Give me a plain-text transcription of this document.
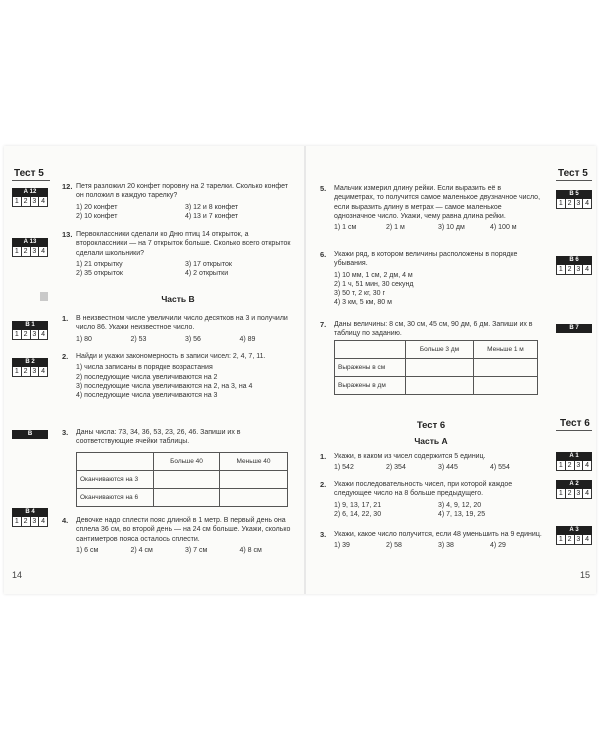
Тест 5
А 12
1 2 3 4
А 13
1 2 3 4
В 1
1 2 3 4
В 2
1 2 3 4
В
В 4
1 2 3 4
12. Петя разложил 20 конфет поровну на 2 тарелки. Сколько конфет он положил в каждую тарелку?
1) 20 конфет	3) 12 и 8 конфет
2) 10 конфет	4) 13 и 7 конфет
13. Первоклассники сделали ко Дню птиц 14 открыток, а второклассники — на 7 открыток больше. Сколько всего открыток сделали школьники?
1) 21 открытку	3) 17 открыток
2) 35 открыток	4) 2 открытки
Часть В
1.	В неизвестном числе увеличили число десятков на 3 и получили число 86. Укажи неизвестное число.
1) 80	2) 53	3) 56	4) 89
2.	Найди и укажи закономерность в записи чисел: 2, 4, 7, 11.
1) числа записаны в порядке возрастания
2) последующие числа увеличиваются на 2
3) последующие числа увеличиваются на 2, на 3, на 4
4) последующие числа увеличиваются на 3
3.	Даны числа: 73, 34, 36, 53, 23, 26, 46. Запиши их в соответствующие ячейки таблицы.
	Больше 40	Меньше 40
Оканчиваются на 3		
Оканчиваются на 6		
4.	Девочке надо сплести пояс длиной в 1 метр. В первый день она сплела 36 см, во второй день — на 24 см больше. Укажи, сколько сантиметров пояса осталось сплести.
1) 6 см	2) 4 см	3) 7 см	4) 8 см
14
5.	Мальчик измерил длину рейки. Если выразить её в дециметрах, то получится самое маленькое двузначное число, если выразить длину в метрах — самое маленькое однозначное число. Укажи, чему равна длина рейки.
1) 1 см	2) 1 м	3) 10 дм	4) 100 м
6.	Укажи ряд, в котором величины расположены в порядке убывания.
1) 10 мм, 1 см, 2 дм, 4 м
2) 1 ч, 51 мин, 30 секунд
3) 50 т, 2 кг, 30 г
4) 3 км, 5 км, 80 м
7.	Даны величины: 8 см, 30 см, 45 см, 90 дм, 6 дм. Запиши их в таблицу по заданию.
	Больше 3 дм	Меньше 1 м
Выражены в см		
Выражены в дм		
Тест 6
Часть А
1.	Укажи, в каком из чисел содержится 5 единиц.
1) 542	2) 354	3) 445	4) 554
2.	Укажи последовательность чисел, при которой каждое следующее число на 8 больше предыдущего.
1) 9, 13, 17, 21	3) 4, 9, 12, 20
2) 6, 14, 22, 30	4) 7, 13, 19, 25
3.	Укажи, какое число получится, если 48 уменьшить на 9 единиц.
1) 39	2) 58	3) 38	4) 29
Тест 5
В 5
1 2 3 4
В 6
1 2 3 4
В 7
Тест 6
А 1
1 2 3 4
А 2
1 2 3 4
А 3
1 2 3 4
15
